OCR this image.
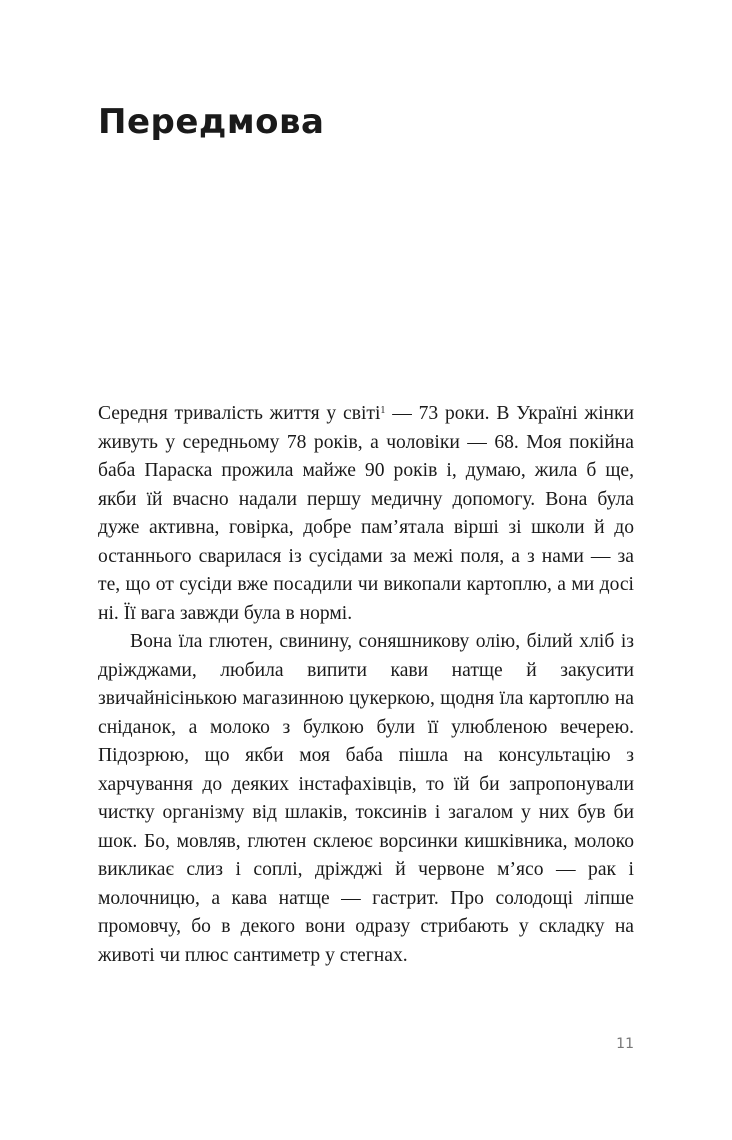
Передмова

Середня тривалість життя у світі$^1$ — 73 роки. В Україні жінки живуть у середньому 78 років, а чоловіки — 68. Моя покійна баба Параска прожила майже 90 років і, думаю, жила б ще, якби їй вчасно надали першу медичну допомогу. Вона була дуже активна, говірка, добре пам’ятала вірші зі школи й до останнього сварилася із сусідами за межі поля, а з нами — за те, що от сусіди вже посадили чи викопали картоплю, а ми досі ні. Її вага завжди була в нормі.

Вона їла глютен, свинину, соняшникову олію, білий хліб із дріжджами, любила випити кави натще й закусити звичайнісінькою магазинною цукеркою, щодня їла картоплю на сніданок, а молоко з булкою були її улюбленою вечерею. Підозрюю, що якби моя баба пішла на консультацію з харчування до деяких інстафахівців, то їй би запропонували чистку організму від шлаків, токсинів і загалом у них був би шок. Бо, мовляв, глютен склеює ворсинки кишківника, молоко викликає слиз і соплі, дріжджі й червоне м’ясо — рак і молочницю, а кава натще — гастрит. Про солодощі ліпше промовчу, бо в декого вони одразу стрибають у складку на животі чи плюс сантиметр у стегнах.

11
